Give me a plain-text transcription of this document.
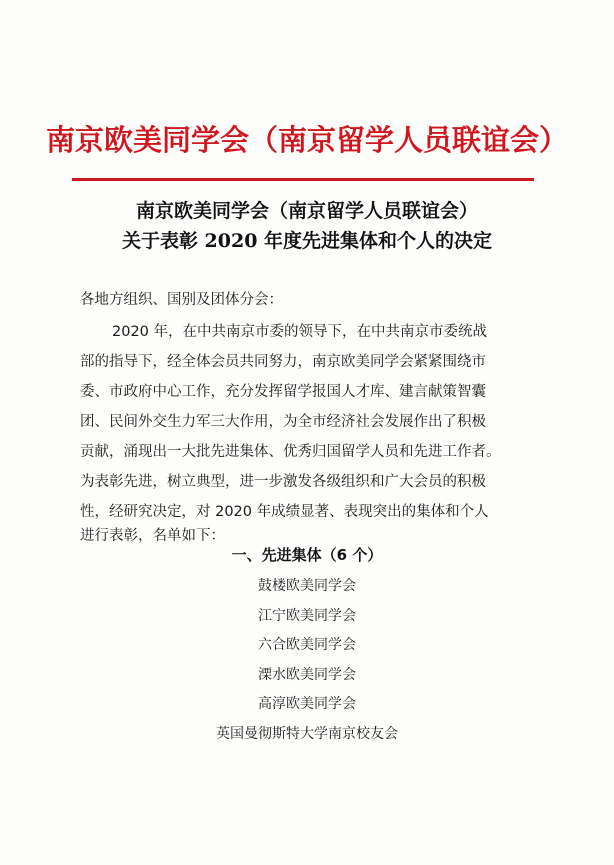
南京欧美同学会（南京留学人员联谊会）
南京欧美同学会（南京留学人员联谊会）
关于表彰 2020 年度先进集体和个人的决定
各地方组织、国别及团体分会：
2020 年，在中共南京市委的领导下，在中共南京市委统战
部的指导下，经全体会员共同努力，南京欧美同学会紧紧围绕市
委、市政府中心工作，充分发挥留学报国人才库、建言献策智囊
团、民间外交生力军三大作用，为全市经济社会发展作出了积极
贡献，涌现出一大批先进集体、优秀归国留学人员和先进工作者。
为表彰先进，树立典型，进一步激发各级组织和广大会员的积极
性，经研究决定，对 2020 年成绩显著、表现突出的集体和个人
进行表彰，名单如下：
一、先进集体（6 个）
鼓楼欧美同学会
江宁欧美同学会
六合欧美同学会
溧水欧美同学会
高淳欧美同学会
英国曼彻斯特大学南京校友会
